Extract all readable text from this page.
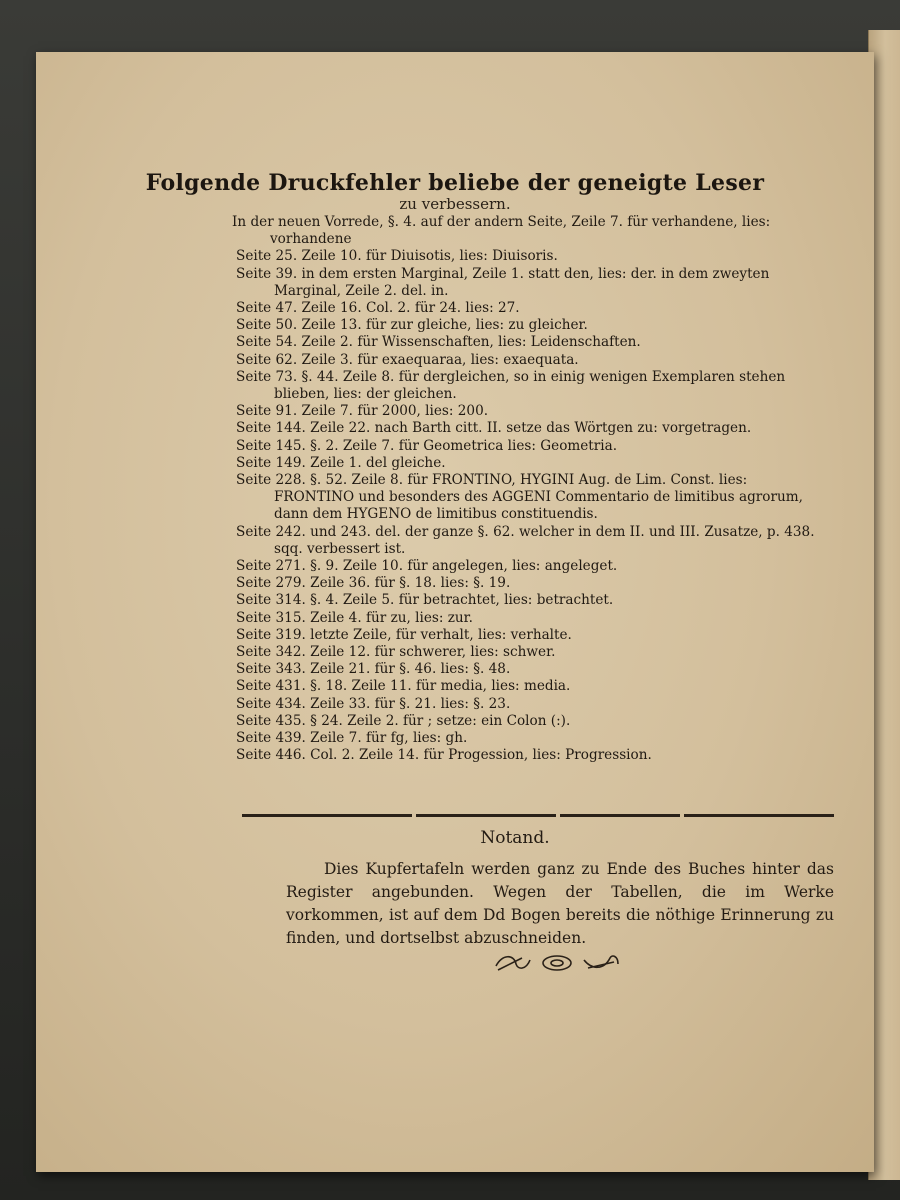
Folgende Druckfehler beliebe der geneigte Leser
zu verbessern.

In der neuen Vorrede, §. 4. auf der andern Seite, Zeile 7. für verhandene, lies: vorhandene

Seite 25. Zeile 10. für Diuisotis, lies: Diuisoris.

Seite 39. in dem ersten Marginal, Zeile 1. statt den, lies: der. in dem zweyten Marginal, Zeile 2. del. in.

Seite 47. Zeile 16. Col. 2. für 24. lies: 27.

Seite 50. Zeile 13. für zur gleiche, lies: zu gleicher.

Seite 54. Zeile 2. für Wissenschaften, lies: Leidenschaften.

Seite 62. Zeile 3. für exaequaraa, lies: exaequata.

Seite 73. §. 44. Zeile 8. für dergleichen, so in einig wenigen Exemplaren stehen blieben, lies: der gleichen.

Seite 91. Zeile 7. für 2000, lies: 200.

Seite 144. Zeile 22. nach Barth citt. II. setze das Wörtgen zu: vorgetragen.

Seite 145. §. 2. Zeile 7. für Geometrica lies: Geometria.

Seite 149. Zeile 1. del gleiche.

Seite 228. §. 52. Zeile 8. für FRONTINO, HYGINI Aug. de Lim. Const. lies: FRONTINO und besonders des AGGENI Commentario de limitibus agrorum, dann dem HYGENO de limitibus constituendis.

Seite 242. und 243. del. der ganze §. 62. welcher in dem II. und III. Zusatze, p. 438. sqq. verbessert ist.

Seite 271. §. 9. Zeile 10. für angelegen, lies: angeleget.

Seite 279. Zeile 36. für §. 18. lies: §. 19.

Seite 314. §. 4. Zeile 5. für betrachtet, lies: betrachtet.

Seite 315. Zeile 4. für zu, lies: zur.

Seite 319. letzte Zeile, für verhalt, lies: verhalte.

Seite 342. Zeile 12. für schwerer, lies: schwer.

Seite 343. Zeile 21. für §. 46. lies: §. 48.

Seite 431. §. 18. Zeile 11. für media, lies: media.

Seite 434. Zeile 33. für §. 21. lies: §. 23.

Seite 435. § 24. Zeile 2. für ; setze: ein Colon (:).

Seite 439. Zeile 7. für fg, lies: gh.

Seite 446. Col. 2. Zeile 14. für Progession, lies: Progression.

Notand.
Dies Kupfertafeln werden ganz zu Ende des Buches hinter das Register angebunden. Wegen der Tabellen, die im Werke vorkommen, ist auf dem Dd Bogen bereits die nöthige Erinnerung zu finden, und dortselbst abzuschneiden.
